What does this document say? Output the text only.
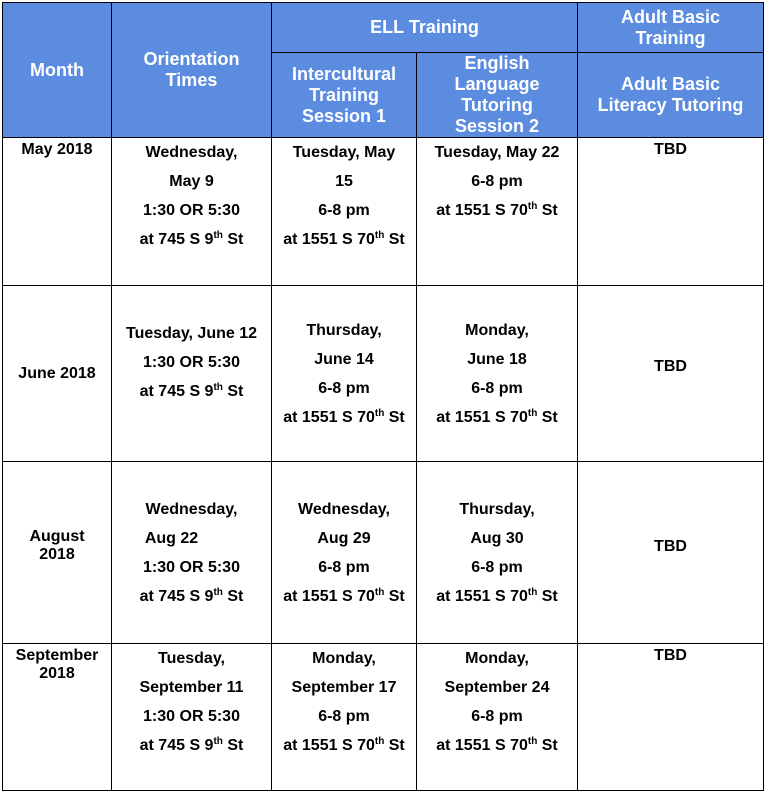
Month	Orientation Times	ELL Training		Adult Basic Training
		Intercultural Training Session 1	English Language Tutoring Session 2	Adult Basic Literacy Tutoring
May 2018	Wednesday,
May 9
1:30 OR 5:30
at 745 S 9th St	Tuesday, May
15
6-8 pm
at 1551 S 70th St	Tuesday, May 22
6-8 pm
at 1551 S 70th St	TBD
June 2018	Tuesday, June 12
1:30 OR 5:30
at 745 S 9th St	Thursday,
June 14
6-8 pm
at 1551 S 70th St	Monday,
June 18
6-8 pm
at 1551 S 70th St	TBD

August 2018	Wednesday,
Aug 22
1:30 OR 5:30
at 745 S 9th St	Wednesday,
Aug 29
6-8 pm
at 1551 S 70th St	Thursday,
Aug 30
6-8 pm
at 1551 S 70th St	TBD

September 2018	Tuesday,
September 11
1:30 OR 5:30
at 745 S 9th St	Monday,
September 17
6-8 pm
at 1551 S 70th St	Monday,
September 24
6-8 pm
at 1551 S 70th St	TBD
